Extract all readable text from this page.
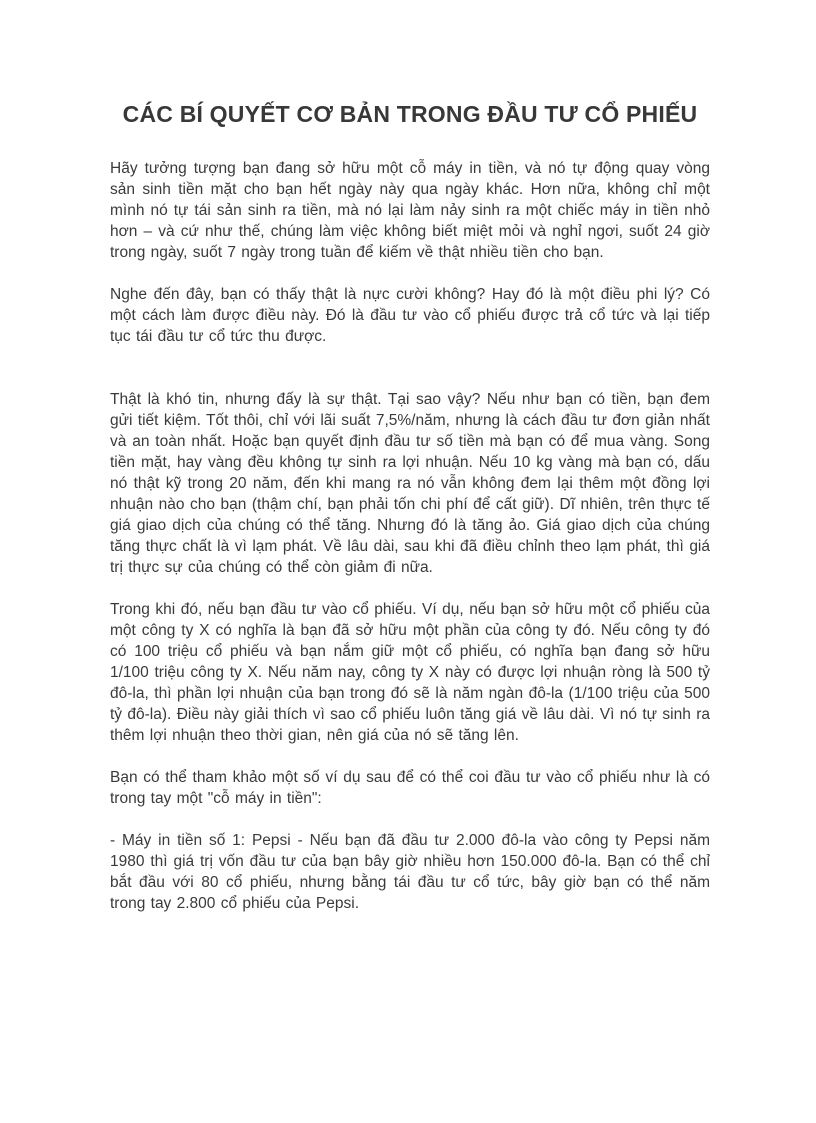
CÁC BÍ QUYẾT CƠ BẢN TRONG ĐẦU TƯ CỔ PHIẾU

Hãy tưởng tượng bạn đang sở hữu một cỗ máy in tiền, và nó tự động quay vòng sản sinh tiền mặt cho bạn hết ngày này qua ngày khác. Hơn nữa, không chỉ một mình nó tự tái sản sinh ra tiền, mà nó lại làm nảy sinh ra một chiếc máy in tiền nhỏ hơn – và cứ như thế, chúng làm việc không biết miệt mỏi và nghỉ ngơi, suốt 24 giờ trong ngày, suốt 7 ngày trong tuần để kiếm về thật nhiều tiền cho bạn.

Nghe đến đây, bạn có thấy thật là nực cười không? Hay đó là một điều phi lý? Có một cách làm được điều này. Đó là đầu tư vào cổ phiếu được trả cổ tức và lại tiếp tục tái đầu tư cổ tức thu được.

Thật là khó tin, nhưng đấy là sự thật. Tại sao vậy? Nếu như bạn có tiền, bạn đem gửi tiết kiệm. Tốt thôi, chỉ với lãi suất 7,5%/năm, nhưng là cách đầu tư đơn giản nhất và an toàn nhất. Hoặc bạn quyết định đầu tư số tiền mà bạn có để mua vàng. Song tiền mặt, hay vàng đều không tự sinh ra lợi nhuận. Nếu 10 kg vàng mà bạn có, dấu nó thật kỹ trong 20 năm, đến khi mang ra nó vẫn không đem lại thêm một đồng lợi nhuận nào cho bạn (thậm chí, bạn phải tốn chi phí để cất giữ). Dĩ nhiên, trên thực tế giá giao dịch của chúng có thể tăng. Nhưng đó là tăng ảo. Giá giao dịch của chúng tăng thực chất là vì lạm phát. Về lâu dài, sau khi đã điều chỉnh theo lạm phát, thì giá trị thực sự của chúng có thể còn giảm đi nữa.

Trong khi đó, nếu bạn đầu tư vào cổ phiếu. Ví dụ, nếu bạn sở hữu một cổ phiếu của một công ty X có nghĩa là bạn đã sở hữu một phần của công ty đó. Nếu công ty đó có 100 triệu cổ phiếu và bạn nắm giữ một cổ phiếu, có nghĩa bạn đang sở hữu 1/100 triệu công ty X. Nếu năm nay, công ty X này có được lợi nhuận ròng là 500 tỷ đô-la, thì phần lợi nhuận của bạn trong đó sẽ là năm ngàn đô-la (1/100 triệu của 500 tỷ đô-la). Điều này giải thích vì sao cổ phiếu luôn tăng giá về lâu dài. Vì nó tự sinh ra thêm lợi nhuận theo thời gian, nên giá của nó sẽ tăng lên.

Bạn có thể tham khảo một số ví dụ sau để có thể coi đầu tư vào cổ phiếu như là có trong tay một "cỗ máy in tiền":

- Máy in tiền số 1: Pepsi - Nếu bạn đã đầu tư 2.000 đô-la vào công ty Pepsi năm 1980 thì giá trị vốn đầu tư của bạn bây giờ nhiều hơn 150.000 đô-la. Bạn có thể chỉ bắt đầu với 80 cổ phiếu, nhưng bằng tái đầu tư cổ tức, bây giờ bạn có thể năm trong tay 2.800 cổ phiếu của Pepsi.
